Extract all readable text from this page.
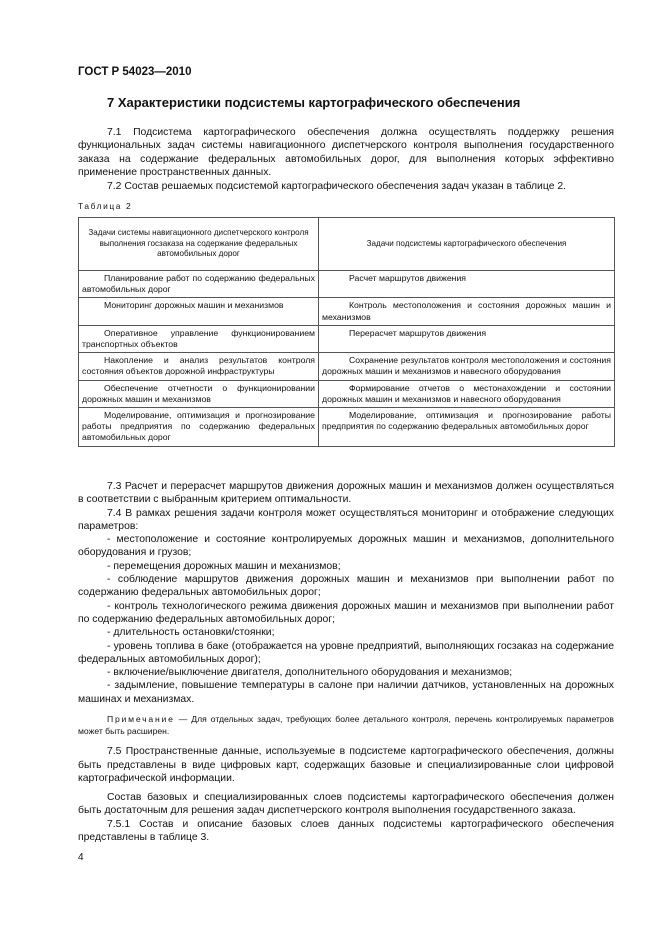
ГОСТ Р 54023—2010
7 Характеристики подсистемы картографического обеспечения

7.1 Подсистема картографического обеспечения должна осуществлять поддержку решения функциональных задач системы навигационного диспетчерского контроля выполнения государственного заказа на содержание федеральных автомобильных дорог, для выполнения которых эффективно применение пространственных данных.

7.2 Состав решаемых подсистемой картографического обеспечения задач указан в таблице 2.

Таблица 2
Задачи системы навигационного диспетчерского контроля выполнения госзаказа на содержание федеральных автомобильных дорог	Задачи подсистемы картографического обеспечения
Планирование работ по содержанию федеральных автомобильных дорог	Расчет маршрутов движения
Мониторинг дорожных машин и механизмов	Контроль местоположения и состояния дорожных машин и механизмов
Оперативное управление функционированием транспортных объектов	Перерасчет маршрутов движения
Накопление и анализ результатов контроля состояния объектов дорожной инфраструктуры	Сохранение результатов контроля местоположения и состояния дорожных машин и механизмов и навесного оборудования
Обеспечение отчетности о функционировании дорожных машин и механизмов	Формирование отчетов о местонахождении и состоянии дорожных машин и механизмов и навесного оборудования
Моделирование, оптимизация и прогнозирование работы предприятия по содержанию федеральных автомобильных дорог	Моделирование, оптимизация и прогнозирование работы предприятия по содержанию федеральных автомобильных дорог

7.3 Расчет и перерасчет маршрутов движения дорожных машин и механизмов должен осуществляться в соответствии с выбранным критерием оптимальности.

7.4 В рамках решения задачи контроля может осуществляться мониторинг и отображение следующих параметров:

- местоположение и состояние контролируемых дорожных машин и механизмов, дополнительного оборудования и грузов;

- перемещения дорожных машин и механизмов;

- соблюдение маршрутов движения дорожных машин и механизмов при выполнении работ по содержанию федеральных автомобильных дорог;

- контроль технологического режима движения дорожных машин и механизмов при выполнении работ по содержанию федеральных автомобильных дорог;

- длительность остановки/стоянки;

- уровень топлива в баке (отображается на уровне предприятий, выполняющих госзаказ на содержание федеральных автомобильных дорог);

- включение/выключение двигателя, дополнительного оборудования и механизмов;

- задымление, повышение температуры в салоне при наличии датчиков, установленных на дорожных машинах и механизмах.

Примечание — Для отдельных задач, требующих более детального контроля, перечень контролируемых параметров может быть расширен.

7.5 Пространственные данные, используемые в подсистеме картографического обеспечения, должны быть представлены в виде цифровых карт, содержащих базовые и специализированные слои цифровой картографической информации.

Состав базовых и специализированных слоев подсистемы картографического обеспечения должен быть достаточным для решения задач диспетчерского контроля выполнения государственного заказа.

7.5.1 Состав и описание базовых слоев данных подсистемы картографического обеспечения представлены в таблице 3.

4
